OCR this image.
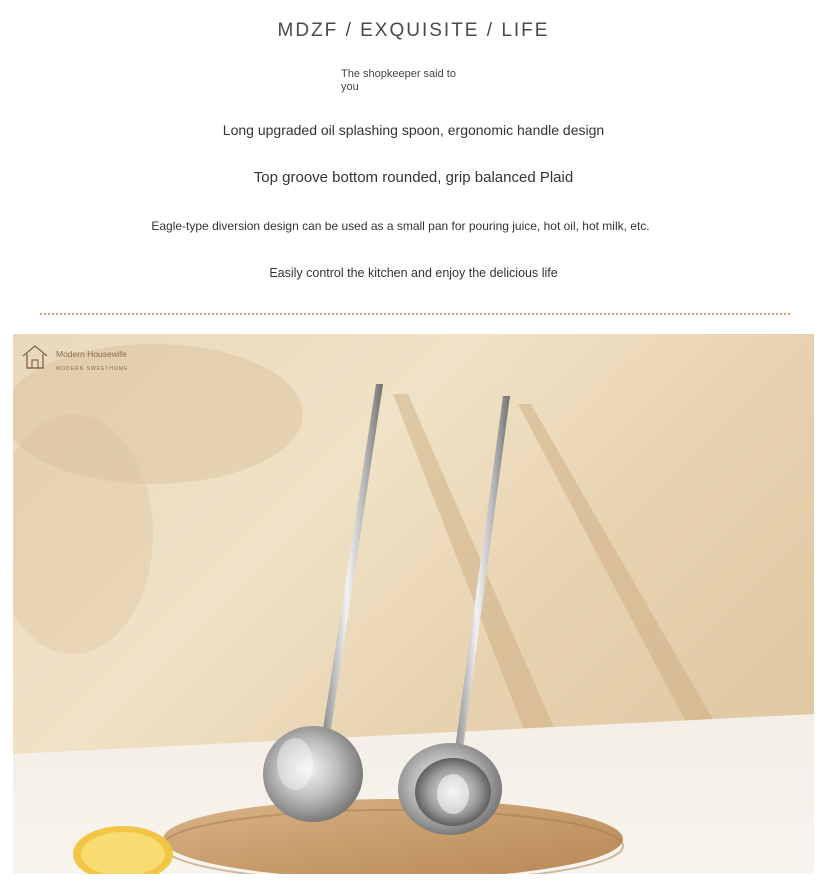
MDZF / EXQUISITE / LIFE
The shopkeeper said to you
Long upgraded oil splashing spoon, ergonomic handle design
Top groove bottom rounded, grip balanced Plaid
Eagle-type diversion design can be used as a small pan for pouring juice, hot oil, hot milk, etc.
Easily control the kitchen and enjoy the delicious life
Modern Housewife
MODERN SWEETHOME
